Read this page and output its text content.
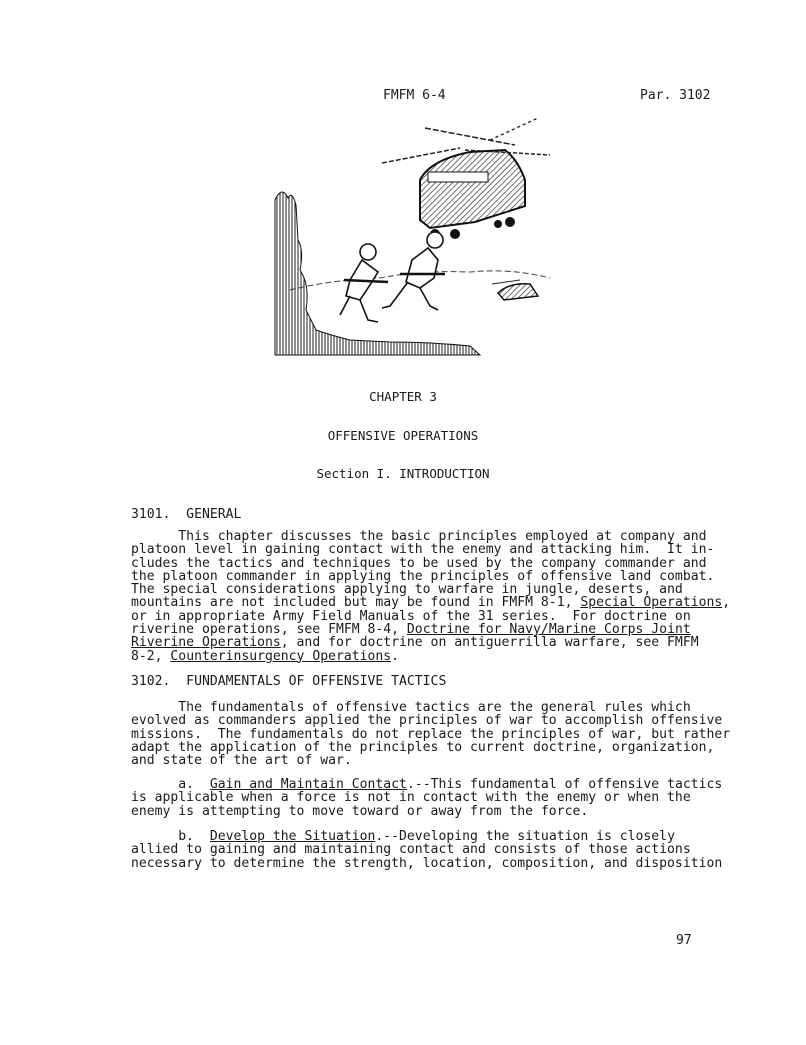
FMFM 6-4	Par. 3102
CHAPTER 3
OFFENSIVE OPERATIONS
Section I. INTRODUCTION
3101.  GENERAL
This chapter discusses the basic principles employed at company and
platoon level in gaining contact with the enemy and attacking him.  It in-
cludes the tactics and techniques to be used by the company commander and
the platoon commander in applying the principles of offensive land combat.
The special considerations applying to warfare in jungle, deserts, and
mountains are not included but may be found in FMFM 8-1, Special Operations,
or in appropriate Army Field Manuals of the 31 series.  For doctrine on
riverine operations, see FMFM 8-4, Doctrine for Navy/Marine Corps Joint
Riverine Operations, and for doctrine on antiguerrilla warfare, see FMFM
8-2, Counterinsurgency Operations.
3102.  FUNDAMENTALS OF OFFENSIVE TACTICS
The fundamentals of offensive tactics are the general rules which
evolved as commanders applied the principles of war to accomplish offensive
missions.  The fundamentals do not replace the principles of war, but rather
adapt the application of the principles to current doctrine, organization,
and state of the art of war.
a.  Gain and Maintain Contact.--This fundamental of offensive tactics
is applicable when a force is not in contact with the enemy or when the
enemy is attempting to move toward or away from the force.
b.  Develop the Situation.--Developing the situation is closely
allied to gaining and maintaining contact and consists of those actions
necessary to determine the strength, location, composition, and disposition
97
